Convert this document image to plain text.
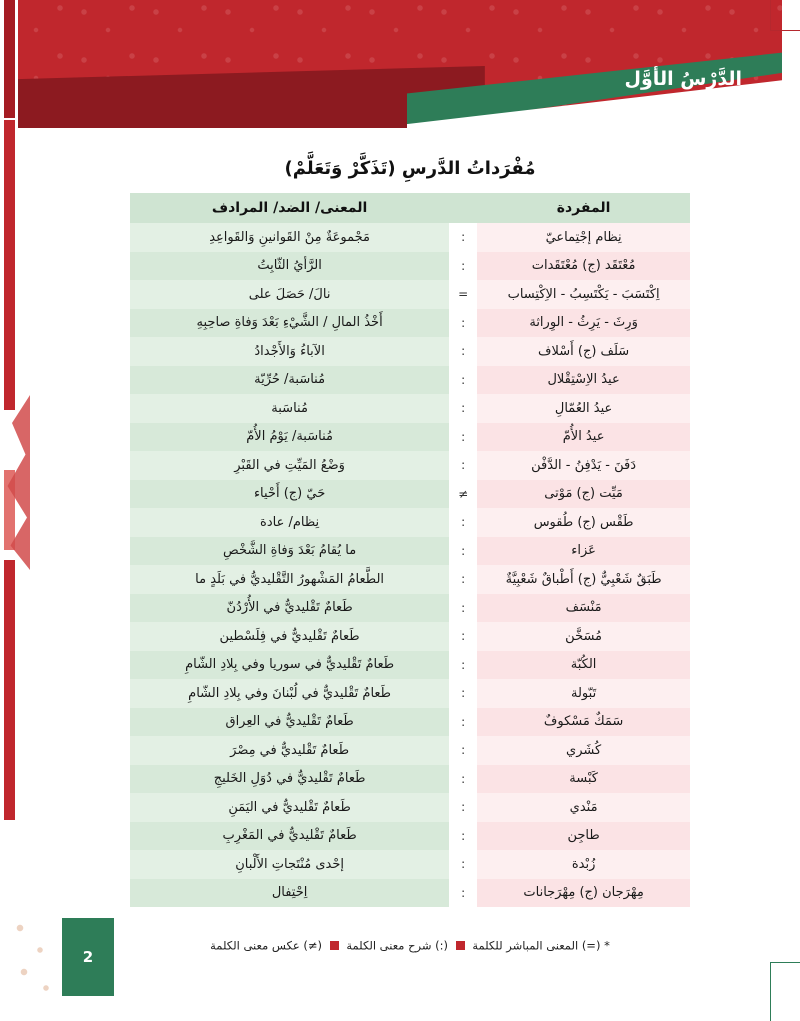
الدَّرْسُ الأوَّل
مُفْرَداتُ الدَّرسِ (تَذَكَّرْ وَتَعَلَّمْ)
المفردة		المعنى/ الضد/ المرادف
نِظام إجْتِماعيّ	:	مَجْموعَةٌ مِنْ القَوانينِ وَالقَواعِدِ
مُعْتَقَد (ج) مُعْتَقَدات	:	الرَّأيُ الثّابِتُ
اِكْتَسَبَ - يَكْتَسِبُ - الاِكْتِساب	=	نالَ/ حَصَلَ على
وَرِثَ - يَرِثُ - الوِراثة	:	أَخْذُ المالِ / الشَّيْءِ بَعْدَ وَفاةِ صاحِبِهِ
سَلَف (ج) أَسْلاف	:	الآباءُ وَالأَجْدادُ
عيدُ الاِسْتِقْلال	:	مُناسَبة/ حُرِّيّة
عيدُ العُمّالِ	:	مُناسَبة
عيدُ الأُمّ	:	مُناسَبة/ يَوْمُ الأُمّ
دَفَنَ - يَدْفِنُ - الدَّفْن	:	وَضْعُ المَيِّتِ في القَبْرِ
مَيِّت (ج) مَوْتى	≠	حَيّ (ج) أَحْياء
طَقْس (ج) طُقوس	:	نِظام/ عادة
عَزاء	:	ما يُقامُ بَعْدَ وَفاةِ الشَّخْصِ
طَبَقٌ شَعْبِيٌّ (ج) أَطْباقٌ شَعْبِيَّةٌ	:	الطَّعامُ المَشْهورُ التَّقْليديُّ في بَلَدٍ ما
مَنْسَف	:	طَعامٌ تَقْليديٌّ في الأُرْدُنّ
مُسَخَّن	:	طَعامٌ تَقْليديٌّ في فِلَسْطين
الكُبّة	:	طَعامٌ تَقْليديٌّ في سوريا وفي بِلادِ الشّامِ
تَبّولة	:	طَعامٌ تَقْليديٌّ في لُبْنانَ وفي بِلادِ الشّامِ
سَمَكٌ مَسْكوفٌ	:	طَعامٌ تَقْليديٌّ في العِراق
كُشَري	:	طَعامٌ تَقْليديٌّ في مِصْرَ
كَبْسة	:	طَعامٌ تَقْليديٌّ في دُوَلِ الخَليجِ
مَنْدي	:	طَعامٌ تَقْليديٌّ في اليَمَنِ
طاجِن	:	طَعامٌ تَقْليديٌّ في المَغْرِبِ
زُبْدة	:	إحْدى مُنْتَجاتِ الأَلْبانِ
مِهْرَجان (ج) مِهْرَجانات	:	اِحْتِفال
* (=) المعنى المباشر للكلمة  (:) شرح معنى الكلمة  (≠) عكس معنى الكلمة
2
